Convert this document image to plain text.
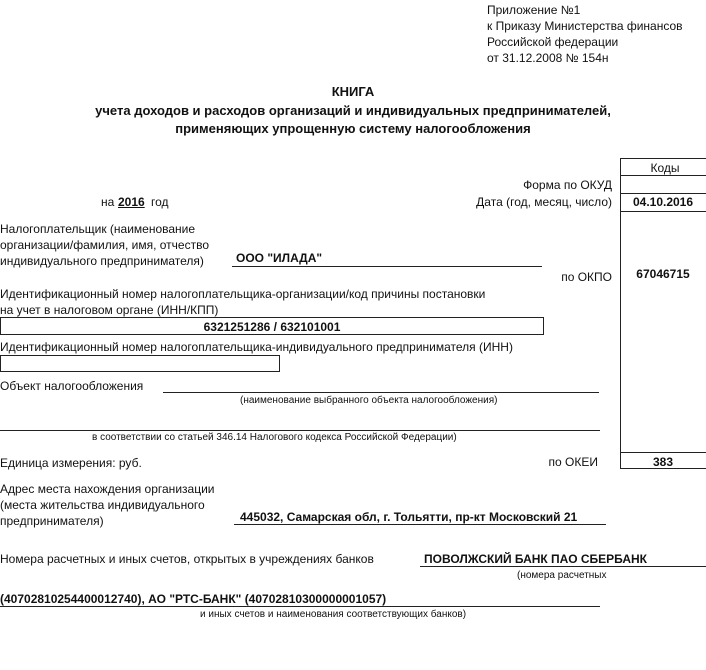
Приложение №1
к Приказу Министерства финансов
Российской федерации
от 31.12.2008 № 154н
КНИГА
учета доходов и расходов организаций и индивидуальных предпринимателей,
применяющих упрощенную систему налогообложения
Коды
Форма по ОКУД
Дата (год, месяц, число)	04.10.2016
по ОКПО	67046715
по ОКЕИ	383
на 2016 год
Налогоплательщик (наименование
организации/фамилия, имя, отчество
индивидуального предпринимателя)	ООО "ИЛАДА"
Идентификационный номер налогоплательщика-организации/код причины постановки
на учет в налоговом органе (ИНН/КПП)
6321251286 / 632101001
Идентификационный номер налогоплательщика-индивидуального предпринимателя (ИНН)
Объект налогообложения
(наименование выбранного объекта налогообложения)
в соответствии со статьей 346.14 Налогового кодекса Российской Федерации)
Единица измерения: руб.
Адрес места нахождения организации
(места жительства индивидуального
предпринимателя)	445032, Самарская обл, г. Тольятти, пр-кт Московский 21
Номера расчетных и иных счетов, открытых в учреждениях банков	ПОВОЛЖСКИЙ БАНК ПАО СБЕРБАНК
(номера расчетных
(40702810254400012740), АО "РТС-БАНК" (40702810300000001057)
и иных счетов и наименования соответствующих банков)
